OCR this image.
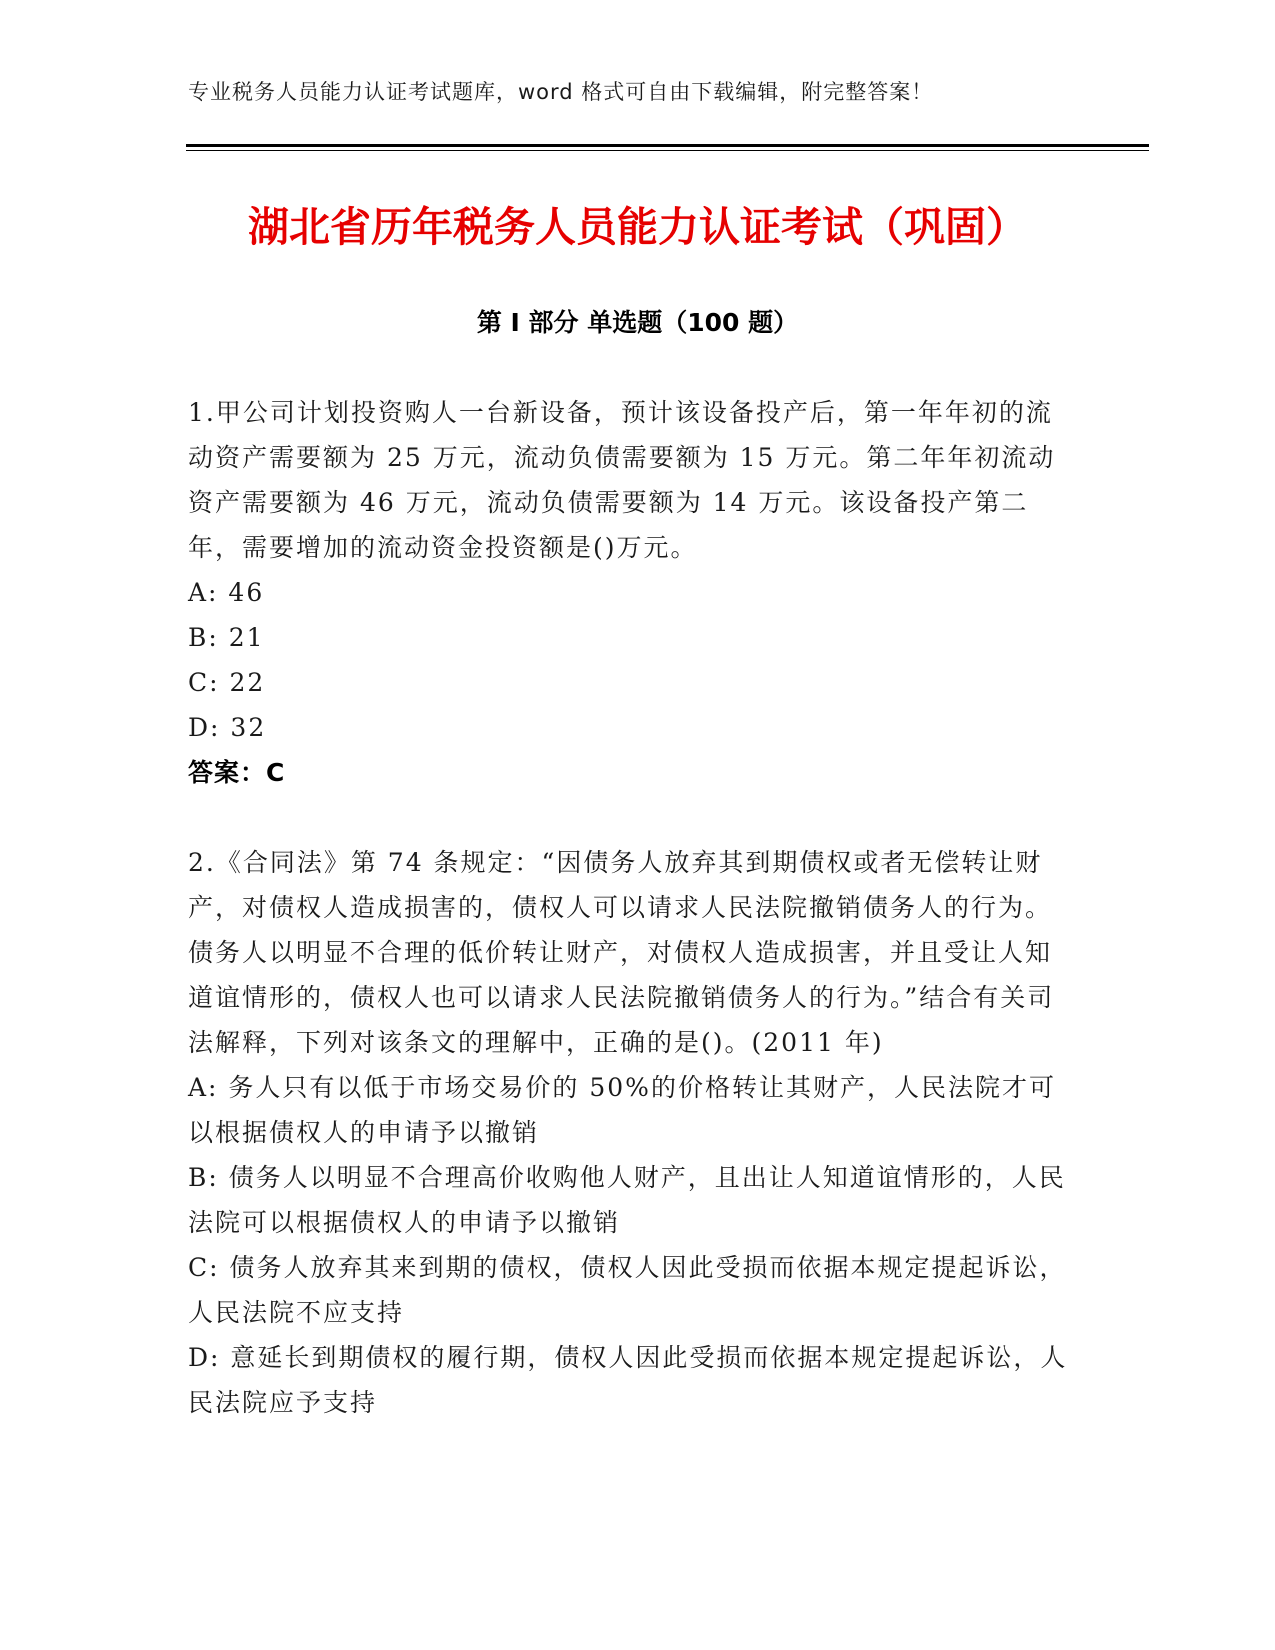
专业税务人员能力认证考试题库，word 格式可自由下载编辑，附完整答案！
湖北省历年税务人员能力认证考试（巩固）
第 I 部分 单选题（100 题）

1.甲公司计划投资购人一台新设备，预计该设备投产后，第一年年初的流动资产需要额为 25 万元，流动负债需要额为 15 万元。第二年年初流动资产需要额为 46 万元，流动负债需要额为 14 万元。该设备投产第二年，需要增加的流动资金投资额是()万元。

A: 46

B: 21

C: 22

D: 32

答案：C

2.《合同法》第 74 条规定：“因债务人放弃其到期债权或者无偿转让财产，对债权人造成损害的，债权人可以请求人民法院撤销债务人的行为。债务人以明显不合理的低价转让财产，对债权人造成损害，并且受让人知道谊情形的，债权人也可以请求人民法院撤销债务人的行为。”结合有关司法解释，下列对该条文的理解中，正确的是()。(2011 年)

A: 务人只有以低于市场交易价的 50%的价格转让其财产，人民法院才可以根据债权人的申请予以撤销

B: 债务人以明显不合理高价收购他人财产，且出让人知道谊情形的，人民法院可以根据债权人的申请予以撤销

C: 债务人放弃其来到期的债权，债权人因此受损而依据本规定提起诉讼，人民法院不应支持

D: 意延长到期债权的履行期，债权人因此受损而依据本规定提起诉讼，人民法院应予支持
